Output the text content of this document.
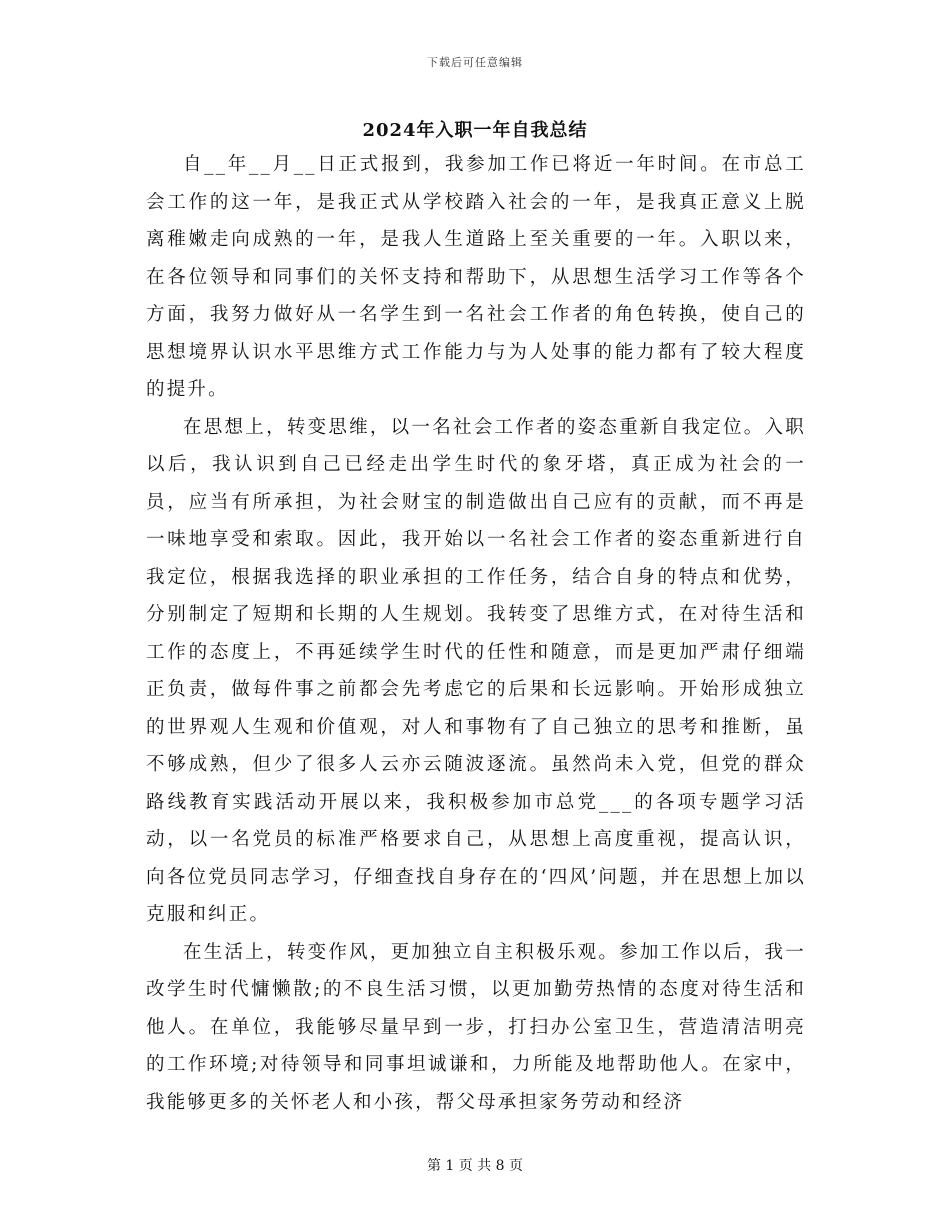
下载后可任意编辑
2024年入职一年自我总结

自__年__月__日正式报到，我参加工作已将近一年时间。在市总工会工作的这一年，是我正式从学校踏入社会的一年，是我真正意义上脱离稚嫩走向成熟的一年，是我人生道路上至关重要的一年。入职以来，在各位领导和同事们的关怀支持和帮助下，从思想生活学习工作等各个方面，我努力做好从一名学生到一名社会工作者的角色转换，使自己的思想境界认识水平思维方式工作能力与为人处事的能力都有了较大程度的提升。

在思想上，转变思维，以一名社会工作者的姿态重新自我定位。入职以后，我认识到自己已经走出学生时代的象牙塔，真正成为社会的一员，应当有所承担，为社会财宝的制造做出自己应有的贡献，而不再是一味地享受和索取。因此，我开始以一名社会工作者的姿态重新进行自我定位，根据我选择的职业承担的工作任务，结合自身的特点和优势，分别制定了短期和长期的人生规划。我转变了思维方式，在对待生活和工作的态度上，不再延续学生时代的任性和随意，而是更加严肃仔细端正负责，做每件事之前都会先考虑它的后果和长远影响。开始形成独立的世界观人生观和价值观，对人和事物有了自己独立的思考和推断，虽不够成熟，但少了很多人云亦云随波逐流。虽然尚未入党，但党的群众路线教育实践活动开展以来，我积极参加市总党___的各项专题学习活动，以一名党员的标准严格要求自己，从思想上高度重视，提高认识，向各位党员同志学习，仔细查找自身存在的‘四风’问题，并在思想上加以克服和纠正。

在生活上，转变作风，更加独立自主积极乐观。参加工作以后，我一改学生时代慵懒散;的不良生活习惯，以更加勤劳热情的态度对待生活和他人。在单位，我能够尽量早到一步，打扫办公室卫生，营造清洁明亮的工作环境;对待领导和同事坦诚谦和，力所能及地帮助他人。在家中，我能够更多的关怀老人和小孩，帮父母承担家务劳动和经济

第 1 页 共 8 页
